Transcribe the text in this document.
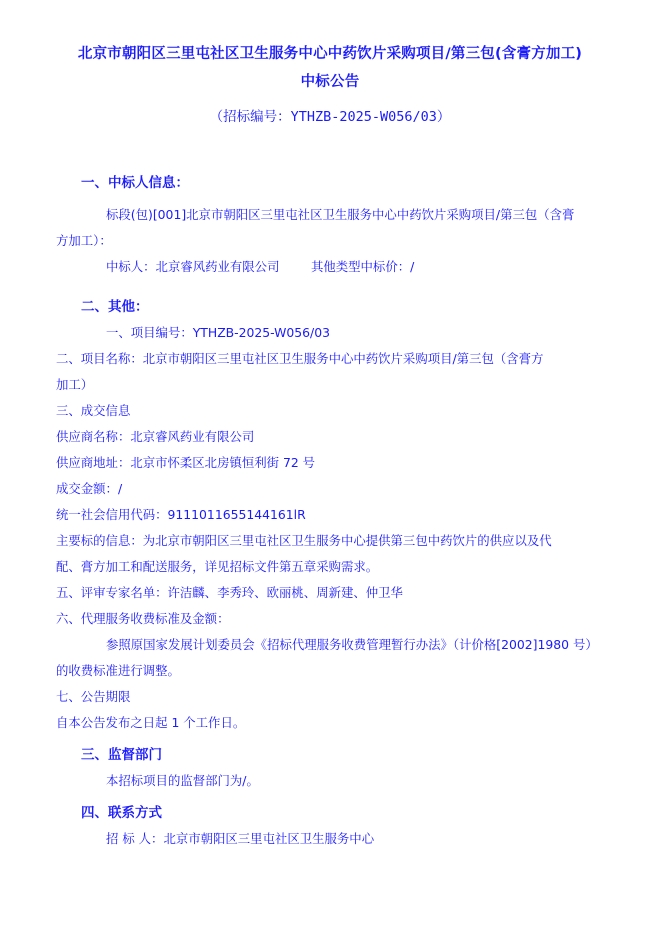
北京市朝阳区三里屯社区卫生服务中心中药饮片采购项目/第三包(含膏方加工)
中标公告
（招标编号：YTHZB-2025-W056/03）
一、中标人信息：
标段(包)[001]北京市朝阳区三里屯社区卫生服务中心中药饮片采购项目/第三包（含膏
方加工）：
中标人：北京睿风药业有限公司        其他类型中标价：/
二、其他：
一、项目编号：YTHZB-2025-W056/03
二、项目名称：北京市朝阳区三里屯社区卫生服务中心中药饮片采购项目/第三包（含膏方
加工）
三、成交信息
供应商名称：北京睿风药业有限公司
供应商地址：北京市怀柔区北房镇恒利街 72 号
成交金额：/
统一社会信用代码：9111011655144161lR
主要标的信息：为北京市朝阳区三里屯社区卫生服务中心提供第三包中药饮片的供应以及代
配、膏方加工和配送服务，详见招标文件第五章采购需求。
五、评审专家名单：许洁麟、李秀玲、欧丽桃、周新建、仲卫华
六、代理服务收费标准及金额：
参照原国家发展计划委员会《招标代理服务收费管理暂行办法》（计价格[2002]1980 号）
的收费标准进行调整。
七、公告期限
自本公告发布之日起 1 个工作日。
三、监督部门
本招标项目的监督部门为/。
四、联系方式
招 标 人：北京市朝阳区三里屯社区卫生服务中心
